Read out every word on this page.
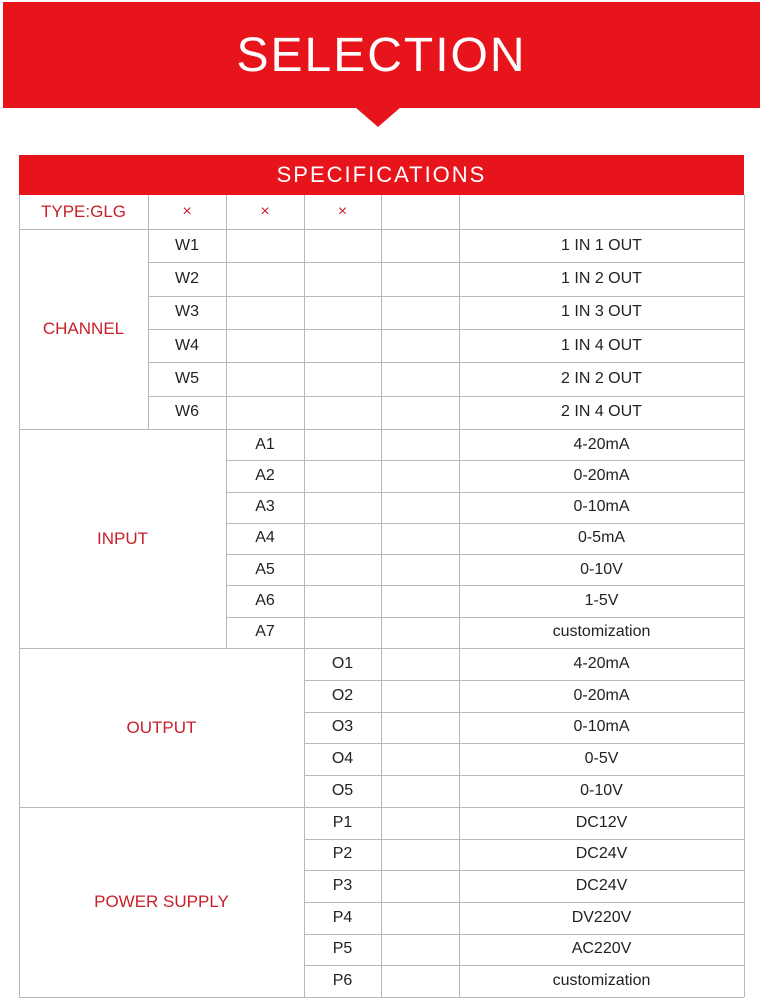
SELECTION
SPECIFICATIONS
TYPE:GLG	×	×	×
CHANNEL
W1	1 IN 1 OUT
W2	1 IN 2 OUT
W3	1 IN 3 OUT
W4	1 IN 4 OUT
W5	2 IN 2 OUT
W6	2 IN 4 OUT
INPUT
A1	4-20mA
A2	0-20mA
A3	0-10mA
A4	0-5mA
A5	0-10V
A6	1-5V
A7	customization
OUTPUT
O1	4-20mA
O2	0-20mA
O3	0-10mA
O4	0-5V
O5	0-10V
POWER SUPPLY
P1	DC12V
P2	DC24V
P3	DC24V
P4	DV220V
P5	AC220V
P6	customization
